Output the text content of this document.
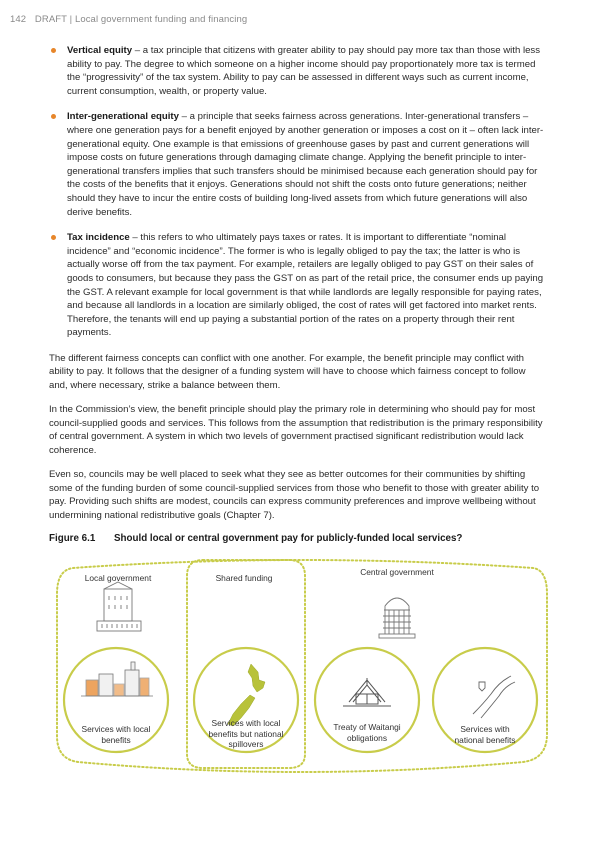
142 DRAFT | Local government funding and financing
Vertical equity – a tax principle that citizens with greater ability to pay should pay more tax than those with less ability to pay. The degree to which someone on a higher income should pay proportionately more tax is termed the “progressivity” of the tax system. Ability to pay can be assessed in different ways such as current income, current consumption, wealth, or property value.
Inter-generational equity – a principle that seeks fairness across generations. Inter-generational transfers – where one generation pays for a benefit enjoyed by another generation or imposes a cost on it – often lack inter-generational equity. One example is that emissions of greenhouse gases by past and current generations will impose costs on future generations through damaging climate change. Applying the benefit principle to inter-generational transfers implies that such transfers should be minimised because each generation should pay for the costs of the benefits that it enjoys. Generations should not shift the costs onto future generations; neither should they have to incur the entire costs of building long-lived assets from which future generations will also derive benefits.
Tax incidence – this refers to who ultimately pays taxes or rates. It is important to differentiate “nominal incidence” and “economic incidence”. The former is who is legally obliged to pay the tax; the latter is who is actually worse off from the tax payment. For example, retailers are legally obliged to pay GST on their sales of goods to consumers, but because they pass the GST on as part of the retail price, the consumer ends up paying the GST. A relevant example for local government is that while landlords are legally responsible for paying rates, and because all landlords in a location are similarly obliged, the cost of rates will get factored into market rents. Therefore, the tenants will end up paying a substantial portion of the rates on a property through their rent payments.

The different fairness concepts can conflict with one another. For example, the benefit principle may conflict with ability to pay. It follows that the designer of a funding system will have to choose which fairness concept to follow and, where necessary, strike a balance between them.

In the Commission’s view, the benefit principle should play the primary role in determining who should pay for most council-supplied goods and services. This follows from the assumption that redistribution is the primary responsibility of central government. A system in which two levels of government practised significant redistribution would lack coherence.

Even so, councils may be well placed to seek what they see as better outcomes for their communities by shifting some of the funding burden of some council-supplied services from those who benefit to those with greater ability to pay. Providing such shifts are modest, councils can express community preferences and improve wellbeing without undermining national redistributive goals (Chapter 7).

Figure 6.1 Should local or central government pay for publicly-funded local services?
Local government	Shared funding
Central government
Services with local benefits
Services with local benefits but national spillovers
Treaty of Waitangi obligations
Services with national benefits
